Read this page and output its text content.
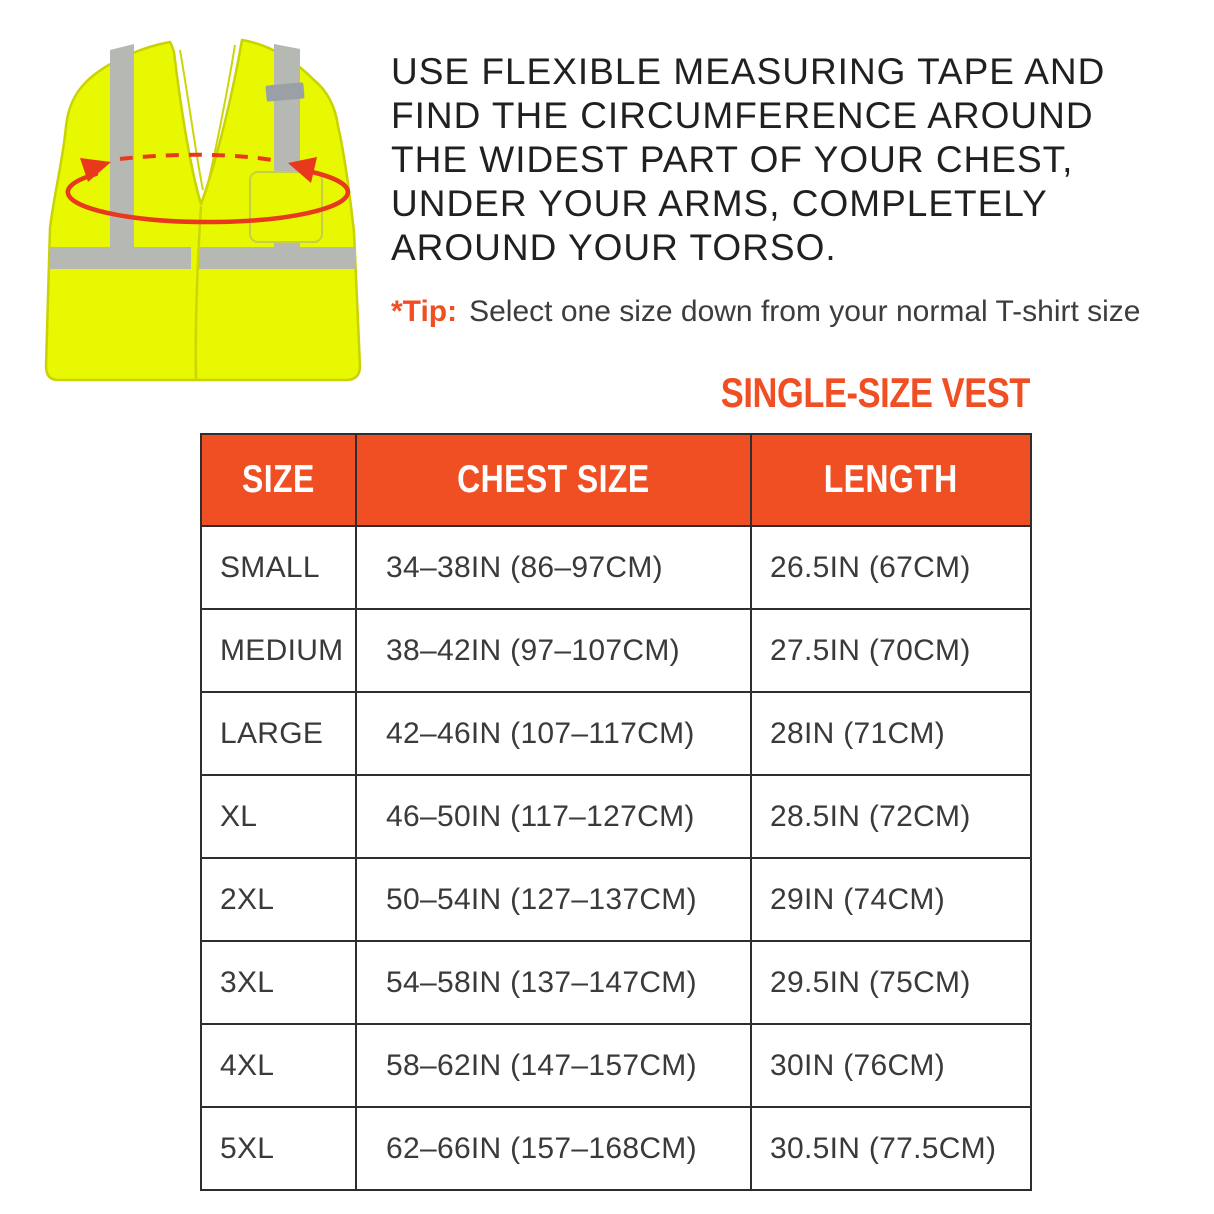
USE FLEXIBLE MEASURING TAPE AND
FIND THE CIRCUMFERENCE AROUND
THE WIDEST PART OF YOUR CHEST,
UNDER YOUR ARMS, COMPLETELY
AROUND YOUR TORSO.
*Tip: Select one size down from your normal T-shirt size
SINGLE-SIZE VEST
SIZE	CHEST SIZE	LENGTH
SMALL	34–38IN (86–97CM)	26.5IN (67CM)
MEDIUM	38–42IN (97–107CM)	27.5IN (70CM)
LARGE	42–46IN (107–117CM)	28IN (71CM)
XL	46–50IN (117–127CM)	28.5IN (72CM)
2XL	50–54IN (127–137CM)	29IN (74CM)
3XL	54–58IN (137–147CM)	29.5IN (75CM)
4XL	58–62IN (147–157CM)	30IN (76CM)
5XL	62–66IN (157–168CM)	30.5IN (77.5CM)
